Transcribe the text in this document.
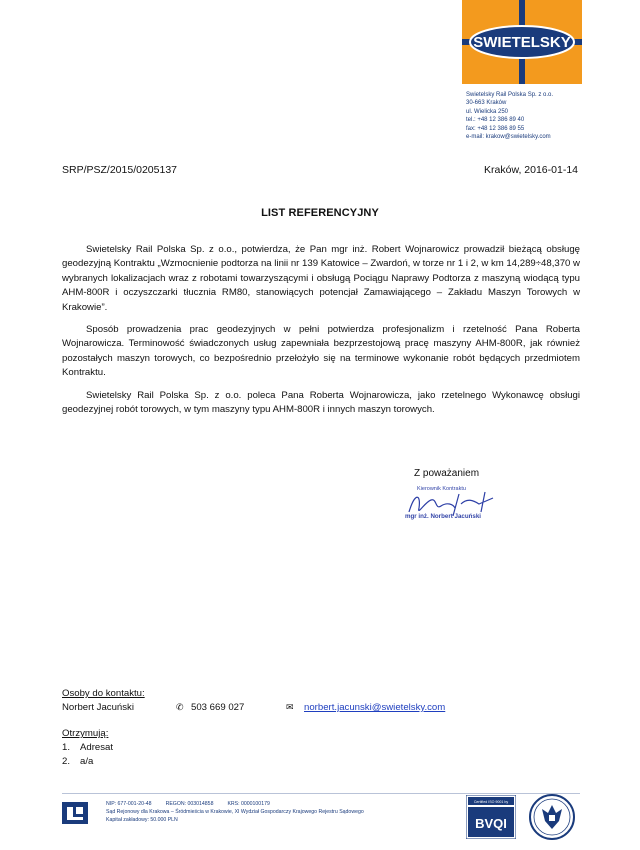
SWIETELSKY
Swietelsky Rail Polska Sp. z o.o.
30-663 Kraków
ul. Wielicka 250
tel.: +48 12 386 89 40
fax: +48 12 386 89 55
e-mail: krakow@swietelsky.com
SRP/PSZ/2015/0205137	Kraków, 2016-01-14
LIST REFERENCYJNY

Swietelsky Rail Polska Sp. z o.o., potwierdza, że Pan mgr inż. Robert Wojnarowicz prowadził bieżącą obsługę geodezyjną Kontraktu „Wzmocnienie podtorza na linii nr 139 Katowice – Zwardoń, w torze nr 1 i 2, w km 14,289÷48,370 w wybranych lokalizacjach wraz z robotami towarzyszącymi i obsługą Pociągu Naprawy Podtorza z maszyną wiodącą typu AHM-800R i oczyszczarki tłucznia RM80, stanowiących potencjał Zamawiającego – Zakładu Maszyn Torowych w Krakowie”.

Sposób prowadzenia prac geodezyjnych w pełni potwierdza profesjonalizm i rzetelność Pana Roberta Wojnarowicza. Terminowość świadczonych usług zapewniała bezprzestojową pracę maszyny AHM-800R, jak również pozostałych maszyn torowych, co bezpośrednio przełożyło się na terminowe wykonanie robót będących przedmiotem Kontraktu.

Swietelsky Rail Polska Sp. z o.o. poleca Pana Roberta Wojnarowicza, jako rzetelnego Wykonawcę obsługi geodezyjnej robót torowych, w tym maszyny typu AHM-800R i innych maszyn torowych.

Z poważaniem
Kierownik Kontraktu
mgr inż. Norbert Jacuński
Osoby do kontaktu:
Norbert Jacuński	✆ 503 669 027	✉ norbert.jacunski@swietelsky.com
Otrzymują:
1. Adresat
2. a/a
NIP: 677-001-20-48	REGON: 003014858	KRS: 0000100179
Sąd Rejonowy dla Krakowa – Śródmieścia w Krakowie, XI Wydział Gospodarczy Krajowego Rejestru Sądowego
Kapitał zakładowy: 50.000 PLN
Certified ISO 9001 by
BVQI
